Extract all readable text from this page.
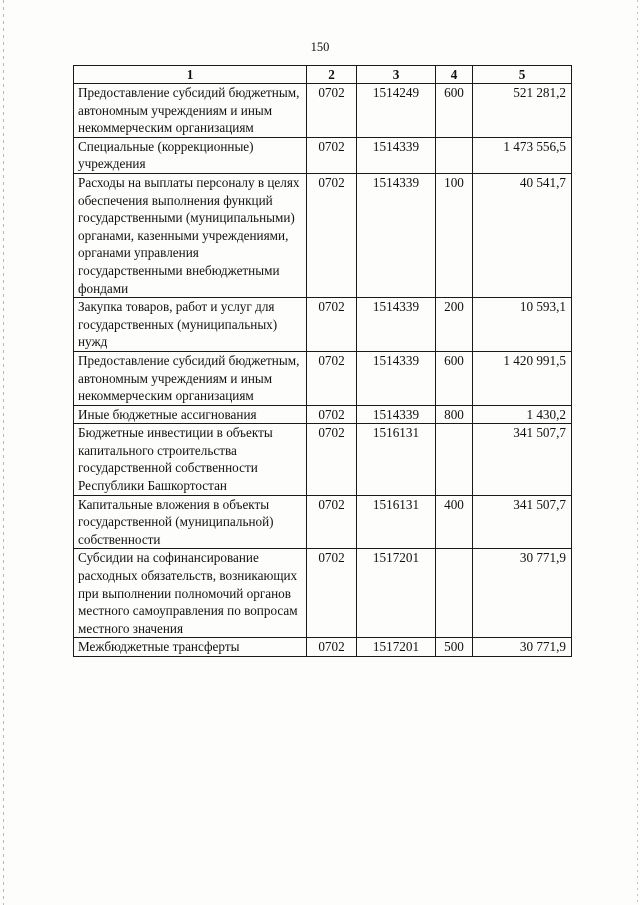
150
1	2	3	4	5
Предоставление субсидий бюджетным, автономным учреждениям и иным некоммерческим организациям	0702	1514249	600	521 281,2
Специальные (коррекционные) учреждения	0702	1514339		1 473 556,5
Расходы на выплаты персоналу в целях обеспечения выполнения функций государственными (муниципальными) органами, казенными учреждениями, органами управления государственными внебюджетными фондами	0702	1514339	100	40 541,7
Закупка товаров, работ и услуг для государственных (муниципальных) нужд	0702	1514339	200	10 593,1
Предоставление субсидий бюджетным, автономным учреждениям и иным некоммерческим организациям	0702	1514339	600	1 420 991,5
Иные бюджетные ассигнования	0702	1514339	800	1 430,2
Бюджетные инвестиции в объекты капитального строительства государственной собственности Республики Башкортостан	0702	1516131		341 507,7
Капитальные вложения в объекты государственной (муниципальной) собственности	0702	1516131	400	341 507,7
Субсидии на софинансирование расходных обязательств, возникающих при выполнении полномочий органов местного самоуправления по вопросам местного значения	0702	1517201		30 771,9
Межбюджетные трансферты	0702	1517201	500	30 771,9
